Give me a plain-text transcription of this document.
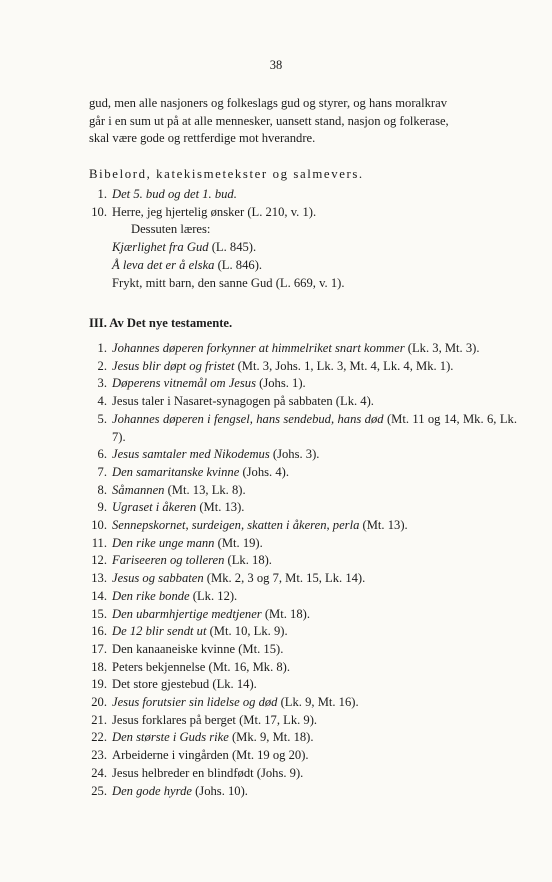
38

gud, men alle nasjoners og folkeslags gud og styrer, og hans moralkrav
går i en sum ut på at alle mennesker, uansett stand, nasjon og folkerase,
skal være gode og rettferdige mot hverandre.

Bibelord, katekismetekster og salmevers.
1. Det 5. bud og det 1. bud.
10. Herre, jeg hjertelig ønsker (L. 210, v. 1).
Dessuten læres:
Kjærlighet fra Gud (L. 845).
Å leva det er å elska (L. 846).
Frykt, mitt barn, den sanne Gud (L. 669, v. 1).
III. Av Det nye testamente.
1. Johannes døperen forkynner at himmelriket snart kommer (Lk. 3, Mt. 3).
2. Jesus blir døpt og fristet (Mt. 3, Johs. 1, Lk. 3, Mt. 4, Lk. 4, Mk. 1).
3. Døperens vitnemål om Jesus (Johs. 1).
4. Jesus taler i Nasaret-synagogen på sabbaten (Lk. 4).
5. Johannes døperen i fengsel, hans sendebud, hans død (Mt. 11 og 14, Mk. 6, Lk. 7).
6. Jesus samtaler med Nikodemus (Johs. 3).
7. Den samaritanske kvinne (Johs. 4).
8. Såmannen (Mt. 13, Lk. 8).
9. Ugraset i åkeren (Mt. 13).
10. Sennepskornet, surdeigen, skatten i åkeren, perla (Mt. 13).
11. Den rike unge mann (Mt. 19).
12. Fariseeren og tolleren (Lk. 18).
13. Jesus og sabbaten (Mk. 2, 3 og 7, Mt. 15, Lk. 14).
14. Den rike bonde (Lk. 12).
15. Den ubarmhjertige medtjener (Mt. 18).
16. De 12 blir sendt ut (Mt. 10, Lk. 9).
17. Den kanaaneiske kvinne (Mt. 15).
18. Peters bekjennelse (Mt. 16, Mk. 8).
19. Det store gjestebud (Lk. 14).
20. Jesus forutsier sin lidelse og død (Lk. 9, Mt. 16).
21. Jesus forklares på berget (Mt. 17, Lk. 9).
22. Den største i Guds rike (Mk. 9, Mt. 18).
23. Arbeiderne i vingården (Mt. 19 og 20).
24. Jesus helbreder en blindfødt (Johs. 9).
25. Den gode hyrde (Johs. 10).
